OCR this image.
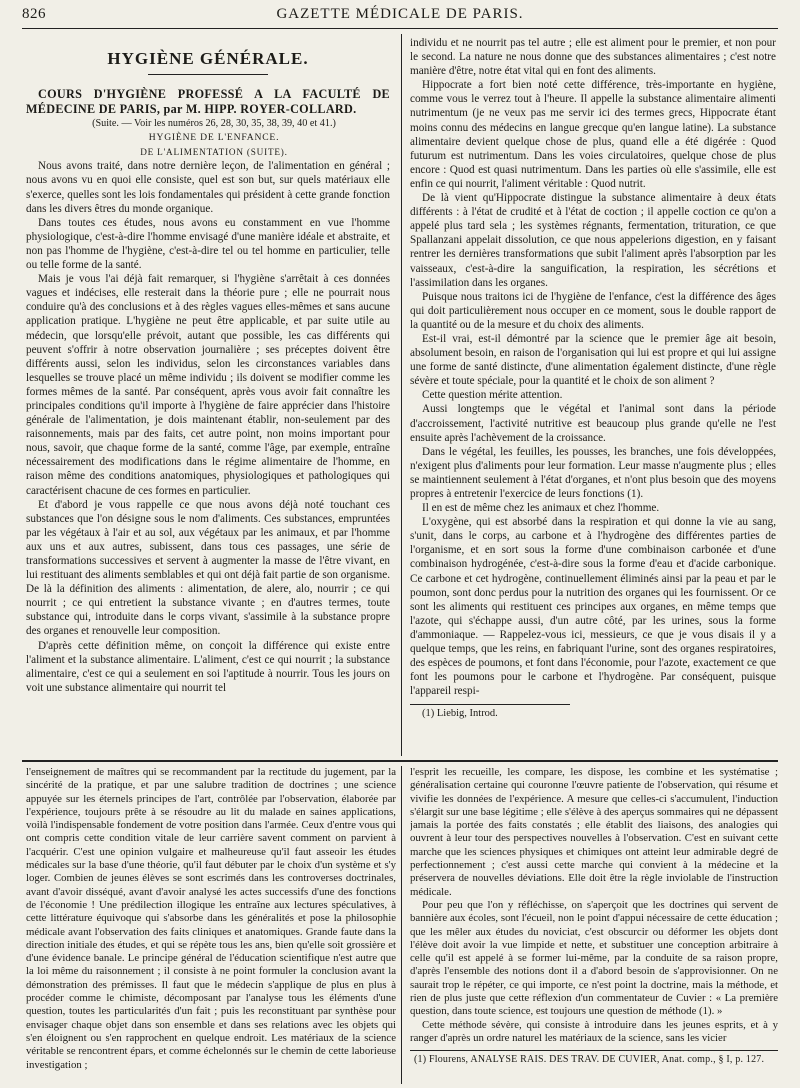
826	GAZETTE MÉDICALE DE PARIS.
HYGIÈNE GÉNÉRALE.

COURS D'HYGIÈNE PROFESSÉ A LA FACULTÉ DE MÉDECINE DE PARIS, par M. HIPP. ROYER-COLLARD.

(Suite. — Voir les numéros 26, 28, 30, 35, 38, 39, 40 et 41.)

HYGIÈNE DE L'ENFANCE.

DE L'ALIMENTATION (SUITE).

Nous avons traité, dans notre dernière leçon, de l'alimentation en général ; nous avons vu en quoi elle consiste, quel est son but, sur quels matériaux elle s'exerce, quelles sont les lois fondamentales qui président à cette grande fonction dans les divers êtres du monde organique.

Dans toutes ces études, nous avons eu constamment en vue l'homme physiologique, c'est-à-dire l'homme envisagé d'une manière idéale et abstraite, et non pas l'homme de l'hygiène, c'est-à-dire tel ou tel homme en particulier, telle ou telle forme de la santé.

Mais je vous l'ai déjà fait remarquer, si l'hygiène s'arrêtait à ces données vagues et indécises, elle resterait dans la théorie pure ; elle ne pourrait nous conduire qu'à des conclusions et à des règles vagues elles-mêmes et sans aucune application pratique. L'hygiène ne peut être applicable, et par suite utile au médecin, que lorsqu'elle prévoit, autant que possible, les cas différents qui peuvent s'offrir à notre observation journalière ; ses préceptes doivent être différents aussi, selon les individus, selon les circonstances variables dans lesquelles se trouve placé un même individu ; ils doivent se modifier comme les formes mêmes de la santé. Par conséquent, après vous avoir fait connaître les principales conditions qu'il importe à l'hygiène de faire apprécier dans l'histoire générale de l'alimentation, je dois maintenant établir, non-seulement par des raisonnements, mais par des faits, cet autre point, non moins important pour nous, savoir, que chaque forme de la santé, comme l'âge, par exemple, entraîne nécessairement des modifications dans le régime alimentaire de l'homme, en raison même des conditions anatomiques, physiologiques et pathologiques qui caractérisent chacune de ces formes en particulier.

Et d'abord je vous rappelle ce que nous avons déjà noté touchant ces substances que l'on désigne sous le nom d'aliments. Ces substances, empruntées par les végétaux à l'air et au sol, aux végétaux par les animaux, et par l'homme aux uns et aux autres, subissent, dans tous ces passages, une série de transformations successives et servent à augmenter la masse de l'être vivant, en lui restituant des aliments semblables et qui ont déjà fait partie de son organisme. De là la définition des aliments : alimentation, de alere, alo, nourrir ; ce qui nourrit ; ce qui entretient la substance vivante ; en d'autres termes, toute substance qui, introduite dans le corps vivant, s'assimile à la substance propre des organes et renouvelle leur composition.

D'après cette définition même, on conçoit la différence qui existe entre l'aliment et la substance alimentaire. L'aliment, c'est ce qui nourrit ; la substance alimentaire, c'est ce qui a seulement en soi l'aptitude à nourrir. Tous les jours on voit une substance alimentaire qui nourrit tel

individu et ne nourrit pas tel autre ; elle est aliment pour le premier, et non pour le second. La nature ne nous donne que des substances alimentaires ; c'est notre manière d'être, notre état vital qui en font des aliments.

Hippocrate a fort bien noté cette différence, très-importante en hygiène, comme vous le verrez tout à l'heure. Il appelle la substance alimentaire alimenti nutrimentum (je ne veux pas me servir ici des termes grecs, Hippocrate étant moins connu des médecins en langue grecque qu'en langue latine). La substance alimentaire devient quelque chose de plus, quand elle a été digérée : Quod futurum est nutrimentum. Dans les voies circulatoires, quelque chose de plus encore : Quod est quasi nutrimentum. Dans les parties où elle s'assimile, elle est enfin ce qui nourrit, l'aliment véritable : Quod nutrit.

De là vient qu'Hippocrate distingue la substance alimentaire à deux états différents : à l'état de crudité et à l'état de coction ; il appelle coction ce qu'on a appelé plus tard sela ; les systèmes régnants, fermentation, trituration, ce que Spallanzani appelait dissolution, ce que nous appelerions digestion, en y faisant rentrer les dernières transformations que subit l'aliment après l'absorption par les vaisseaux, c'est-à-dire la sanguification, la respiration, les sécrétions et l'assimilation dans les organes.

Puisque nous traitons ici de l'hygiène de l'enfance, c'est la différence des âges qui doit particulièrement nous occuper en ce moment, sous le double rapport de la quantité ou de la mesure et du choix des aliments.

Est-il vrai, est-il démontré par la science que le premier âge ait besoin, absolument besoin, en raison de l'organisation qui lui est propre et qui lui assigne une forme de santé distincte, d'une alimentation également distincte, d'une règle sévère et toute spéciale, pour la quantité et le choix de son aliment ?

Cette question mérite attention.

Aussi longtemps que le végétal et l'animal sont dans la période d'accroissement, l'activité nutritive est beaucoup plus grande qu'elle ne l'est ensuite après l'achèvement de la croissance.

Dans le végétal, les feuilles, les pousses, les branches, une fois développées, n'exigent plus d'aliments pour leur formation. Leur masse n'augmente plus ; elles se maintiennent seulement à l'état d'organes, et n'ont plus besoin que des moyens propres à entretenir l'exercice de leurs fonctions (1).

Il en est de même chez les animaux et chez l'homme.

L'oxygène, qui est absorbé dans la respiration et qui donne la vie au sang, s'unit, dans le corps, au carbone et à l'hydrogène des différentes parties de l'organisme, et en sort sous la forme d'une combinaison carbonée et d'une combinaison hydrogénée, c'est-à-dire sous la forme d'eau et d'acide carbonique. Ce carbone et cet hydrogène, continuellement éliminés ainsi par la peau et par le poumon, sont donc perdus pour la nutrition des organes qui les fournissent. Or ce sont les aliments qui restituent ces principes aux organes, en même temps que l'azote, qui s'échappe aussi, d'un autre côté, par les urines, sous la forme d'ammoniaque. — Rappelez-vous ici, messieurs, ce que je vous disais il y a quelque temps, que les reins, en fabriquant l'urine, sont des organes respiratoires, des espèces de poumons, et font dans l'économie, pour l'azote, exactement ce que font les poumons pour le carbone et l'hydrogène. Par conséquent, puisque l'appareil respi-

(1) Liebig, Introd.

l'enseignement de maîtres qui se recommandent par la rectitude du jugement, par la sincérité de la pratique, et par une salubre tradition de doctrines ; une science appuyée sur les éternels principes de l'art, contrôlée par l'observation, élaborée par l'expérience, toujours prête à se résoudre au lit du malade en saines applications, voilà l'indispensable fondement de votre position dans l'armée. Ceux d'entre vous qui ont compris cette condition vitale de leur carrière savent comment on parvient à l'acquérir. C'est une opinion vulgaire et malheureuse qu'il faut asseoir les études médicales sur la base d'une théorie, qu'il faut débuter par le choix d'un système et s'y loger. Combien de jeunes élèves se sont escrimés dans les controverses doctrinales, avant d'avoir disséqué, avant d'avoir analysé les actes successifs d'une des fonctions de l'économie ! Une prédilection illogique les entraîne aux lectures spéculatives, à cette littérature équivoque qui s'absorbe dans les généralités et pose la philosophie médicale avant l'observation des faits cliniques et anatomiques. Grande faute dans la direction initiale des études, et qui se répète tous les ans, bien qu'elle soit grossière et d'une évidence banale. Le principe général de l'éducation scientifique n'est autre que la loi même du raisonnement ; il consiste à ne point formuler la conclusion avant la démonstration des prémisses. Il faut que le médecin s'applique de plus en plus à procéder comme le chimiste, décomposant par l'analyse tous les éléments d'une question, toutes les particularités d'un fait ; puis les reconstituant par synthèse pour envisager chaque objet dans son ensemble et dans ses relations avec les objets qui s'en éloignent ou s'en rapprochent en quelque endroit. Les matériaux de la science véritable se rencontrent épars, et comme échelonnés sur le chemin de cette laborieuse investigation ;

l'esprit les recueille, les compare, les dispose, les combine et les systématise ; généralisation certaine qui couronne l'œuvre patiente de l'observation, qui résume et vivifie les données de l'expérience. A mesure que celles-ci s'accumulent, l'induction s'élargit sur une base légitime ; elle s'élève à des aperçus sommaires qui ne dépassent jamais la portée des faits constatés ; elle établit des liaisons, des analogies qui ouvrent à leur tour des perspectives nouvelles à l'observation. C'est en suivant cette marche que les sciences physiques et chimiques ont atteint leur admirable degré de perfectionnement ; c'est aussi cette marche qui convient à la médecine et la préservera de nouvelles déviations. Elle doit être la règle inviolable de l'instruction médicale.

Pour peu que l'on y réfléchisse, on s'aperçoit que les doctrines qui servent de bannière aux écoles, sont l'écueil, non le point d'appui nécessaire de cette éducation ; que les mêler aux études du noviciat, c'est obscurcir ou déformer les objets dont l'élève doit avoir la vue limpide et nette, et substituer une conception arbitraire à celle qu'il est appelé à se former lui-même, par la conduite de sa raison propre, d'après l'ensemble des notions dont il a d'abord besoin de s'approvisionner. On ne saurait trop le répéter, ce qui importe, ce n'est point la doctrine, mais la méthode, et rien de plus juste que cette réflexion d'un commentateur de Cuvier : « La première question, dans toute science, est toujours une question de méthode (1). »

Cette méthode sévère, qui consiste à introduire dans les jeunes esprits, et à y ranger d'après un ordre naturel les matériaux de la science, sans les vicier

(1) Flourens, ANALYSE RAIS. DES TRAV. DE CUVIER, Anat. comp., § I, p. 127.
